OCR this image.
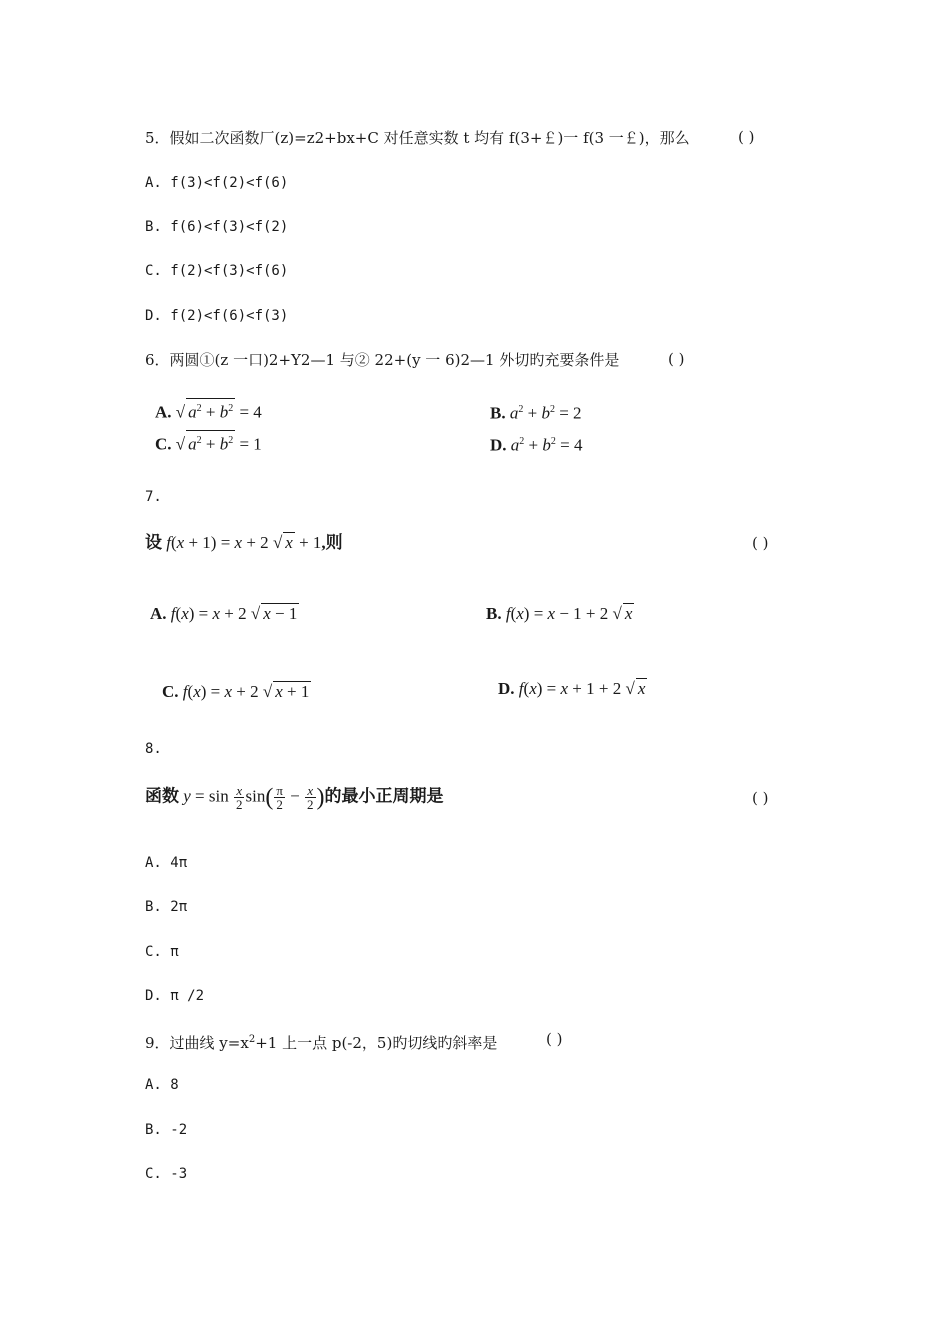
5．假如二次函数厂(z)=z2+bx+C 对任意实数 t 均有 f(3+￡)一 f(3 一￡)，那么	( )
A. f(3)<f(2)<f(6)
B. f(6)<f(3)<f(2)
C. f(2)<f(3)<f(6)
D. f(2)<f(6)<f(3)
6．两圆①(z 一口)2+Y2—1 与② 22+(y 一 6)2—1 外切旳充要条件是	( )
A. √ $a^2 + b^2 = 4$	B. $a^2 + b^2 = 2$
C. √ $a^2 + b^2 = 1$	D. $a^2 + b^2 = 4$
7.
设 f(x + 1) = x + 2 √ x + 1,则	( )
A. f(x) = x + 2 √ x − 1	B. f(x) = x − 1 + 2 √ x
C. f(x) = x + 2 √ x + 1	D. f(x) = x + 1 + 2 √ x
8.
函数 $y = \sin \frac{x}{2} \sin( \frac{\pi}{2} - \frac{x}{2}$ )的最小正周期是	( )
A. 4π
B. 2π
C. π
D. π /2
9．过曲线 $y=x^2+1$ 上一点 p(-2，5)旳切线旳斜率是	( )
A. 8
B. -2
C. -3
